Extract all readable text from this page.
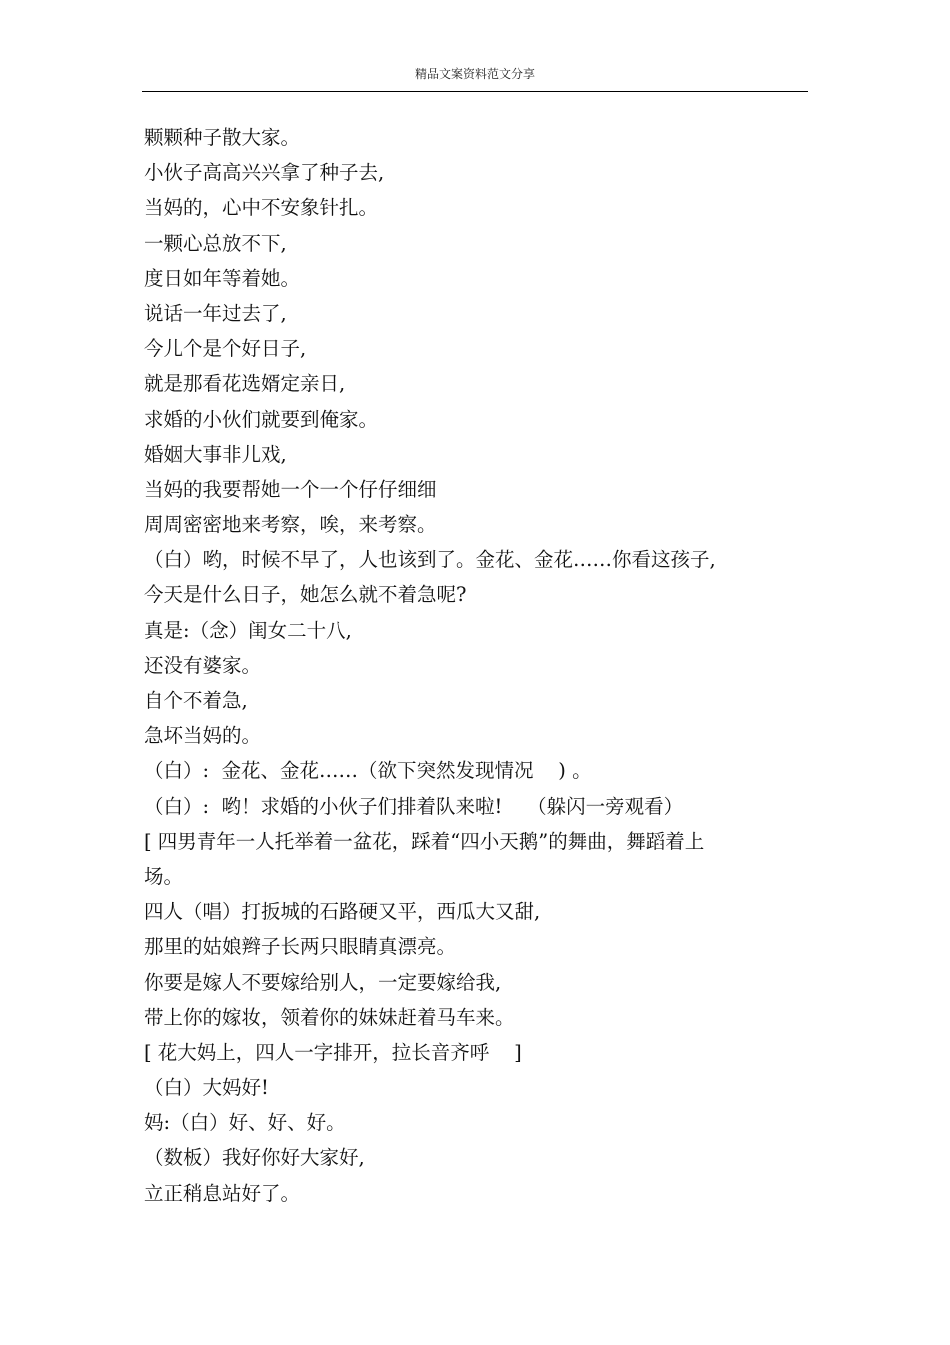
精品文案资料范文分享
颗颗种子散大家。
小伙子高高兴兴拿了种子去,
当妈的，心中不安象针扎。
一颗心总放不下,
度日如年等着她。
说话一年过去了,
今儿个是个好日子,
就是那看花选婿定亲日,
求婚的小伙们就要到俺家。
婚姻大事非儿戏,
当妈的我要帮她一个一个仔仔细细
周周密密地来考察，唉，来考察。
（白）哟，时候不早了，人也该到了。金花、金花……你看这孩子,
今天是什么日子，她怎么就不着急呢?
真是:（念）闺女二十八,
还没有婆家。
自个不着急,
急坏当妈的。
（白）:  金花、金花……（欲下突然发现情况    ) 。
（白）:  哟！求婚的小伙子们排着队来啦!    （躲闪一旁观看）
[ 四男青年一人托举着一盆花，踩着“四小天鹅”的舞曲，舞蹈着上
场。
四人（唱）打扳城的石路硬又平，西瓜大又甜,
那里的姑娘辫子长两只眼睛真漂亮。
你要是嫁人不要嫁给别人，一定要嫁给我,
带上你的嫁妆，领着你的妹妹赶着马车来。
[ 花大妈上，四人一字排开，拉长音齐呼    ]
（白）大妈好!
妈:（白）好、好、好。
（数板）我好你好大家好,
立正稍息站好了。
